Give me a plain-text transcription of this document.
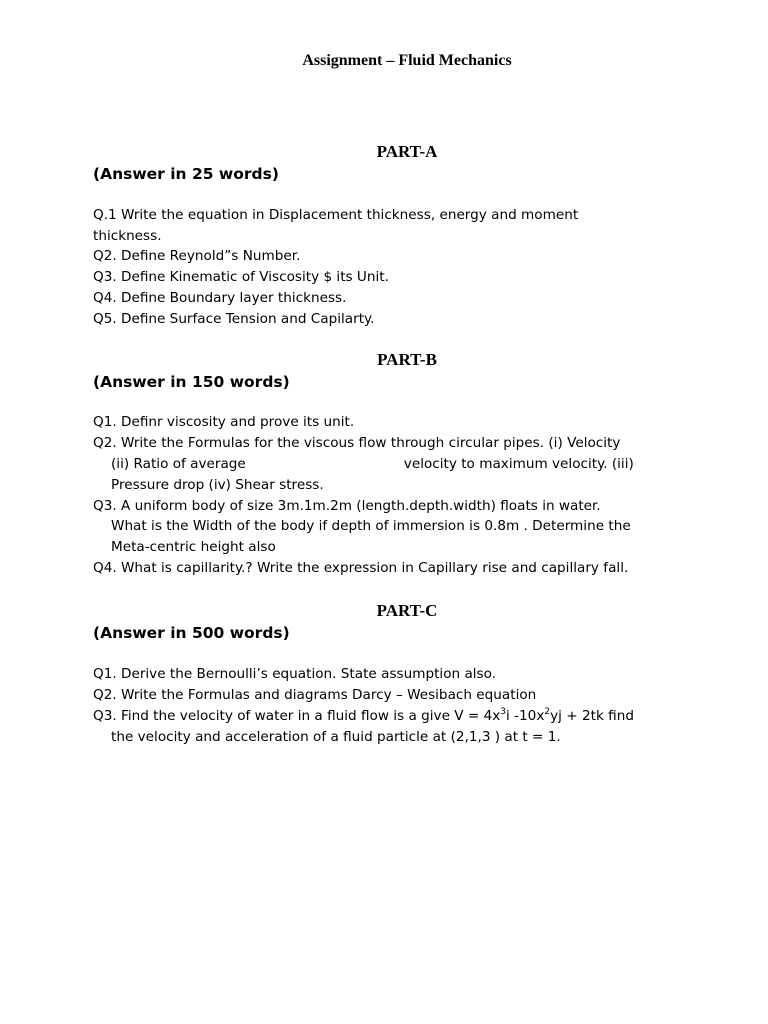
Assignment – Fluid Mechanics
PART-A
(Answer in 25 words)
Q.1 Write the equation in Displacement thickness, energy and moment
thickness.
Q2. Define Reynold”s Number.
Q3. Define Kinematic of Viscosity $ its Unit.
Q4. Define Boundary layer thickness.
Q5. Define Surface Tension and Capilarty.
PART-B
(Answer in 150 words)
Q1. Definr viscosity and prove its unit.
Q2. Write the Formulas for the viscous flow through circular pipes. (i) Velocity
(ii) Ratio of average	velocity to maximum velocity. (iii)
Pressure drop (iv) Shear stress.
Q3. A uniform body of size 3m.1m.2m (length.depth.width) floats in water.
What is the Width of the body if depth of immersion is 0.8m . Determine the
Meta-centric height also
Q4. What is capillarity.? Write the expression in Capillary rise and capillary fall.
PART-C
(Answer in 500 words)
Q1. Derive the Bernoulli’s equation. State assumption also.
Q2. Write the Formulas and diagrams Darcy – Wesibach equation
Q3. Find the velocity of water in a fluid flow is a give $V = 4x^3i$ $-10x^2yj + 2tk$ find
the velocity and acceleration of a fluid particle at (2,1,3 ) at t = 1.
